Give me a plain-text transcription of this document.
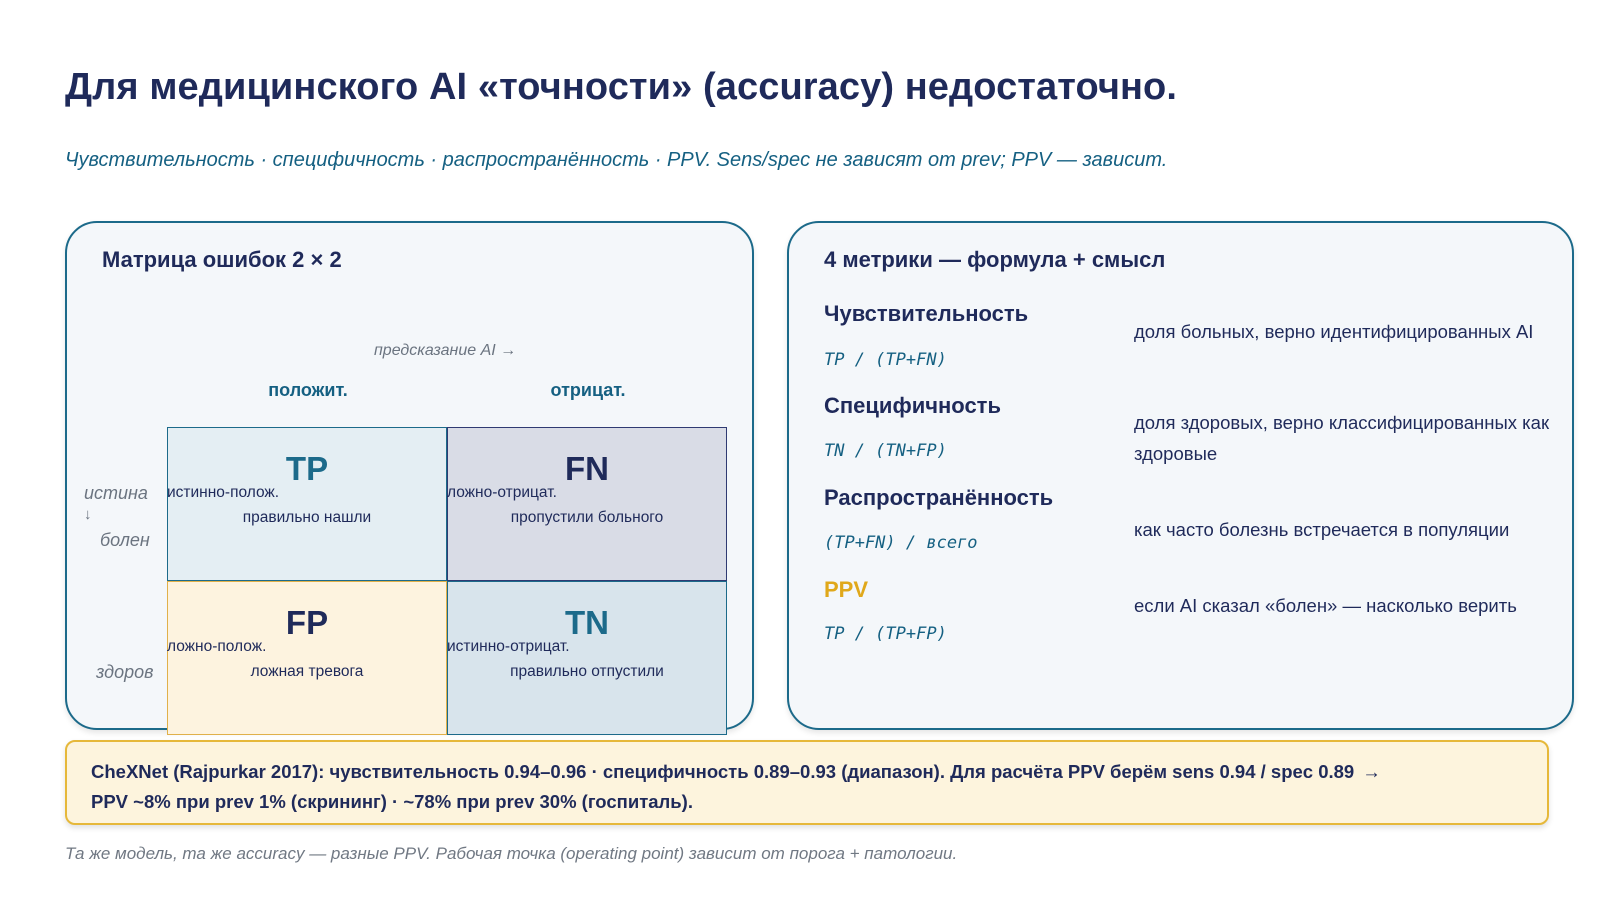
Для медицинского AI «точности» (accuracy) недостаточно.
Чувствительность · специфичность · распространённость · PPV. Sens/spec не зависят от prev; PPV — зависит.
Матрица ошибок 2 × 2
предсказание AI →
положит.	отрицат.
истина
↓
болен
здоров
TP
истинно-полож.
правильно нашли
FN
ложно-отрицат.
пропустили больного
FP
ложно-полож.
ложная тревога
TN
истинно-отрицат.
правильно отпустили
4 метрики — формула + смысл
Чувствительность
TP / (TP+FN)
доля больных, верно идентифицированных AI
Специфичность
TN / (TN+FP)
доля здоровых, верно классифицированных как здоровые
Распространённость
(TP+FN) / всего
как часто болезнь встречается в популяции
PPV
TP / (TP+FP)
если AI сказал «болен» — насколько верить
CheXNet (Rajpurkar 2017): чувствительность 0.94–0.96 · специфичность 0.89–0.93 (диапазон). Для расчёта PPV берём sens 0.94 / spec 0.89 →
PPV ~8% при prev 1% (скрининг) · ~78% при prev 30% (госпиталь).
Та же модель, та же accuracy — разные PPV. Рабочая точка (operating point) зависит от порога + патологии.
